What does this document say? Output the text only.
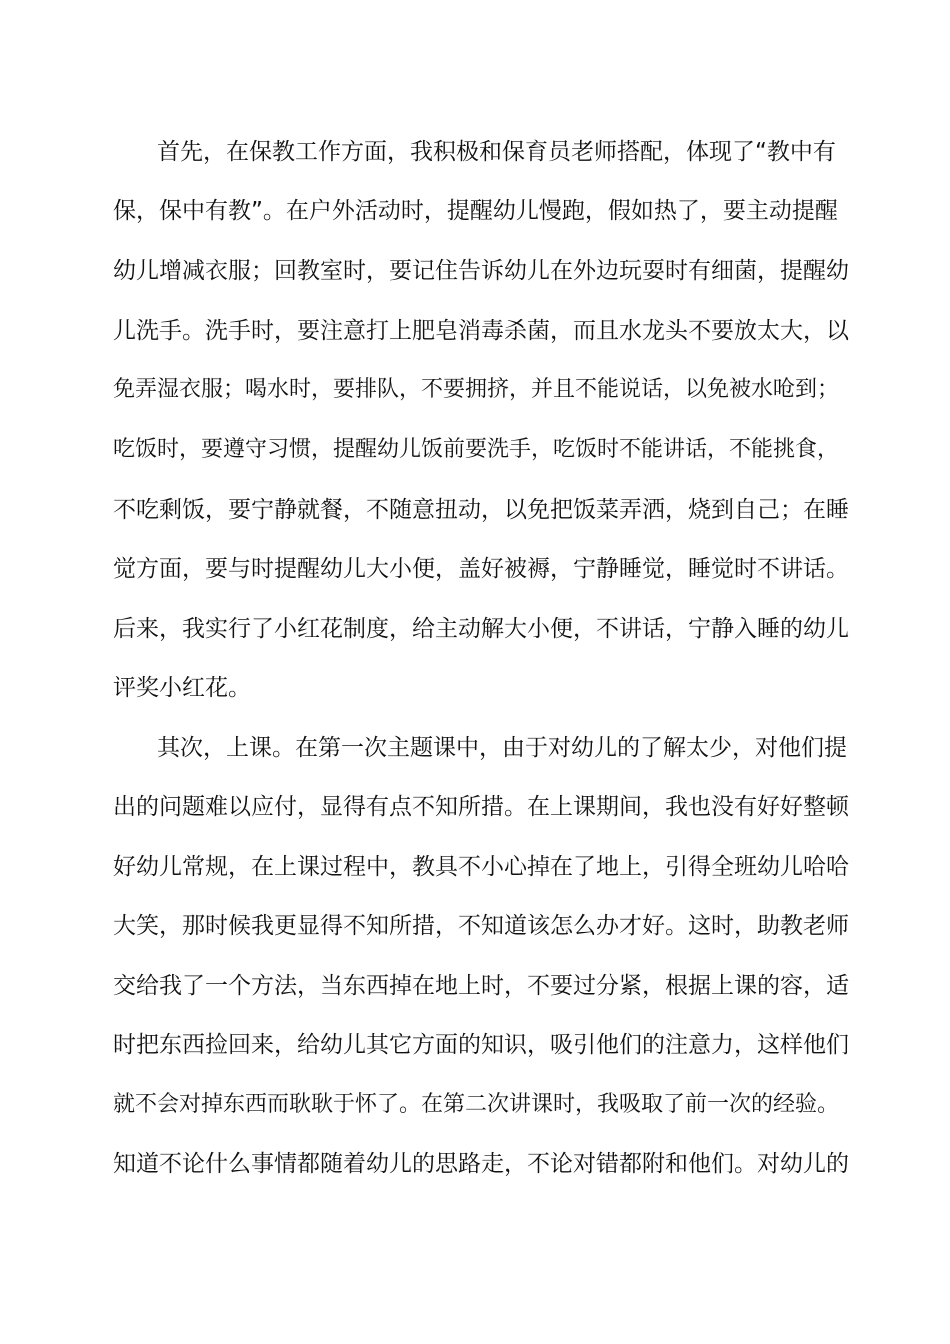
首先，在保教工作方面，我积极和保育员老师搭配，体现了“教中有

保，保中有教”。在户外活动时，提醒幼儿慢跑，假如热了，要主动提醒

幼儿增减衣服；回教室时，要记住告诉幼儿在外边玩耍时有细菌，提醒幼

儿洗手。洗手时，要注意打上肥皂消毒杀菌，而且水龙头不要放太大，以

免弄湿衣服；喝水时，要排队，不要拥挤，并且不能说话，以免被水呛到；

吃饭时，要遵守习惯，提醒幼儿饭前要洗手，吃饭时不能讲话，不能挑食，

不吃剩饭，要宁静就餐，不随意扭动，以免把饭菜弄洒，烧到自己；在睡

觉方面，要与时提醒幼儿大小便，盖好被褥，宁静睡觉，睡觉时不讲话。

后来，我实行了小红花制度，给主动解大小便，不讲话，宁静入睡的幼儿

评奖小红花。

其次，上课。在第一次主题课中，由于对幼儿的了解太少，对他们提

出的问题难以应付，显得有点不知所措。在上课期间，我也没有好好整顿

好幼儿常规，在上课过程中，教具不小心掉在了地上，引得全班幼儿哈哈

大笑，那时候我更显得不知所措，不知道该怎么办才好。这时，助教老师

交给我了一个方法，当东西掉在地上时，不要过分紧，根据上课的容，适

时把东西捡回来，给幼儿其它方面的知识，吸引他们的注意力，这样他们

就不会对掉东西而耿耿于怀了。在第二次讲课时，我吸取了前一次的经验。

知道不论什么事情都随着幼儿的思路走，不论对错都附和他们。对幼儿的
